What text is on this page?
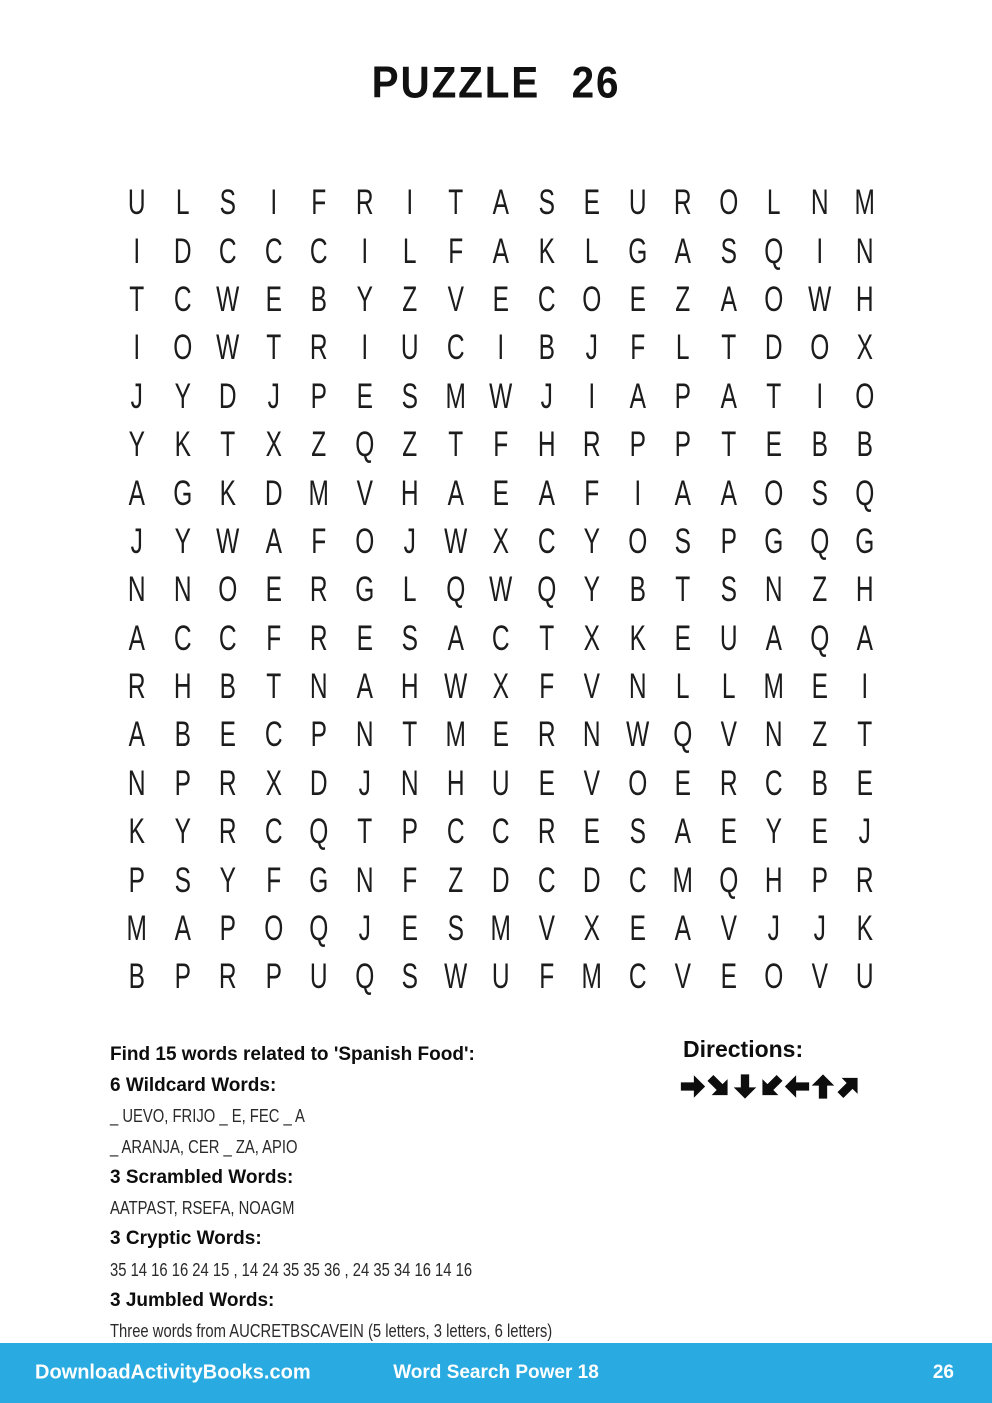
PUZZLE 26
U L S I F R I T A S E U R O L N M
I D C C C I	L F A K L G A S Q I N
T C W E B Y Z V E C O E Z A O W H
I O W T R I U C I B J F L T D O X
J Y D J P E S M W J	I A P A T I O
Y K T X Z Q Z T F H R P P T E B B
A G K D M V H A E A F I A A O S Q
J Y W A F O J W X C Y O S P G Q G
N N O E R G L Q W Q Y B T S N Z H
A C C F R E S A C T X K E U A Q A
R H B T N A H W X F V N L L M E I
A B E C P N T M E R N W Q V N Z T
N P R X D J N H U E V O E R C B E
K Y R C Q T P C C R E S A E Y E J
P S Y F G N F Z D C D C M Q H P R
M A P O Q J E S M V X E A V J J K
B P R P U Q S W U F M C V E O V U
Find 15 words related to 'Spanish Food':
6 Wildcard Words:
_ UEVO, FRIJO _ E, FEC _ A
_ ARANJA, CER _ ZA, APIO
3 Scrambled Words:
AATPAST, RSEFA, NOAGM
3 Cryptic Words:
35 14 16 16 24 15 , 14 24 35 35 36 , 24 35 34 16 14 16
3 Jumbled Words:
Three words from AUCRETBSCAVEIN (5 letters, 3 letters, 6 letters)
Directions:
DownloadActivityBooks.com	Word Search Power 18	26
